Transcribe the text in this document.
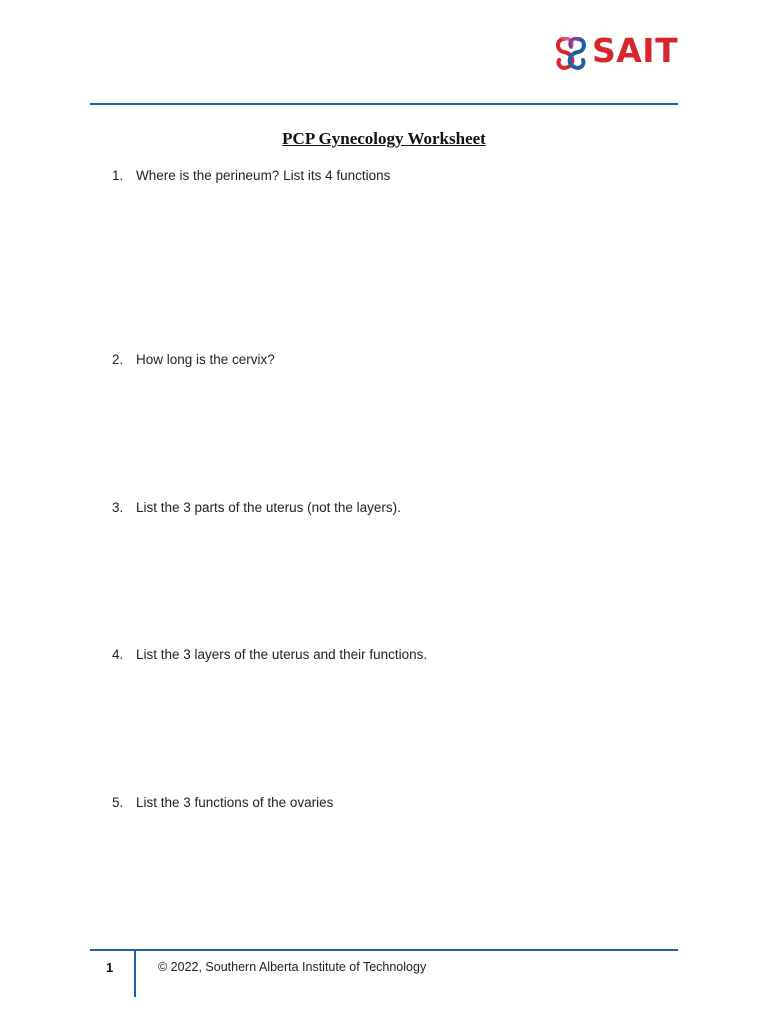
SAIT
PCP Gynecology Worksheet
1. Where is the perineum? List its 4 functions
2. How long is the cervix?
3. List the 3 parts of the uterus (not the layers).
4. List the 3 layers of the uterus and their functions.
5. List the 3 functions of the ovaries
1	© 2022, Southern Alberta Institute of Technology
